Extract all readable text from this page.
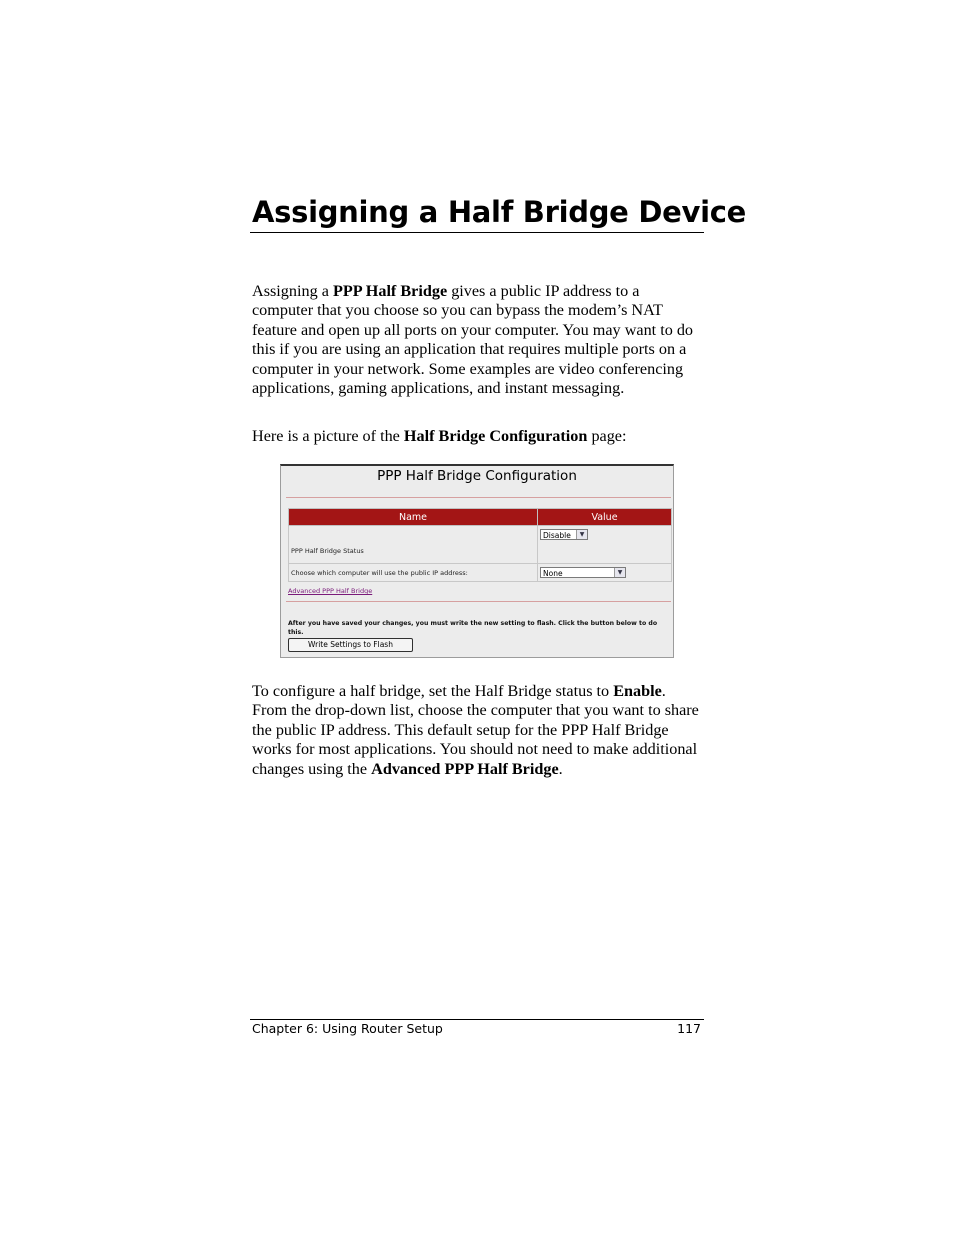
Assigning a Half Bridge Device

Assigning a PPP Half Bridge gives a public IP address to a computer that you choose so you can bypass the modem’s NAT feature and open up all ports on your computer. You may want to do this if you are using an application that requires multiple ports on a computer in your network. Some examples are video conferencing applications, gaming applications, and instant messaging.

Here is a picture of the Half Bridge Configuration page:

PPP Half Bridge Configuration
Name	Value
PPP Half Bridge Status	Disable ▼

Choose which computer will use the public IP address:	None ▼
Advanced PPP Half Bridge
After you have saved your changes, you must write the new setting to flash. Click the button below to do this.
Write Settings to Flash

To configure a half bridge, set the Half Bridge status to Enable. From the drop-down list, choose the computer that you want to share the public IP address. This default setup for the PPP Half Bridge works for most applications. You should not need to make additional changes using the Advanced PPP Half Bridge.

Chapter 6: Using Router Setup	117
